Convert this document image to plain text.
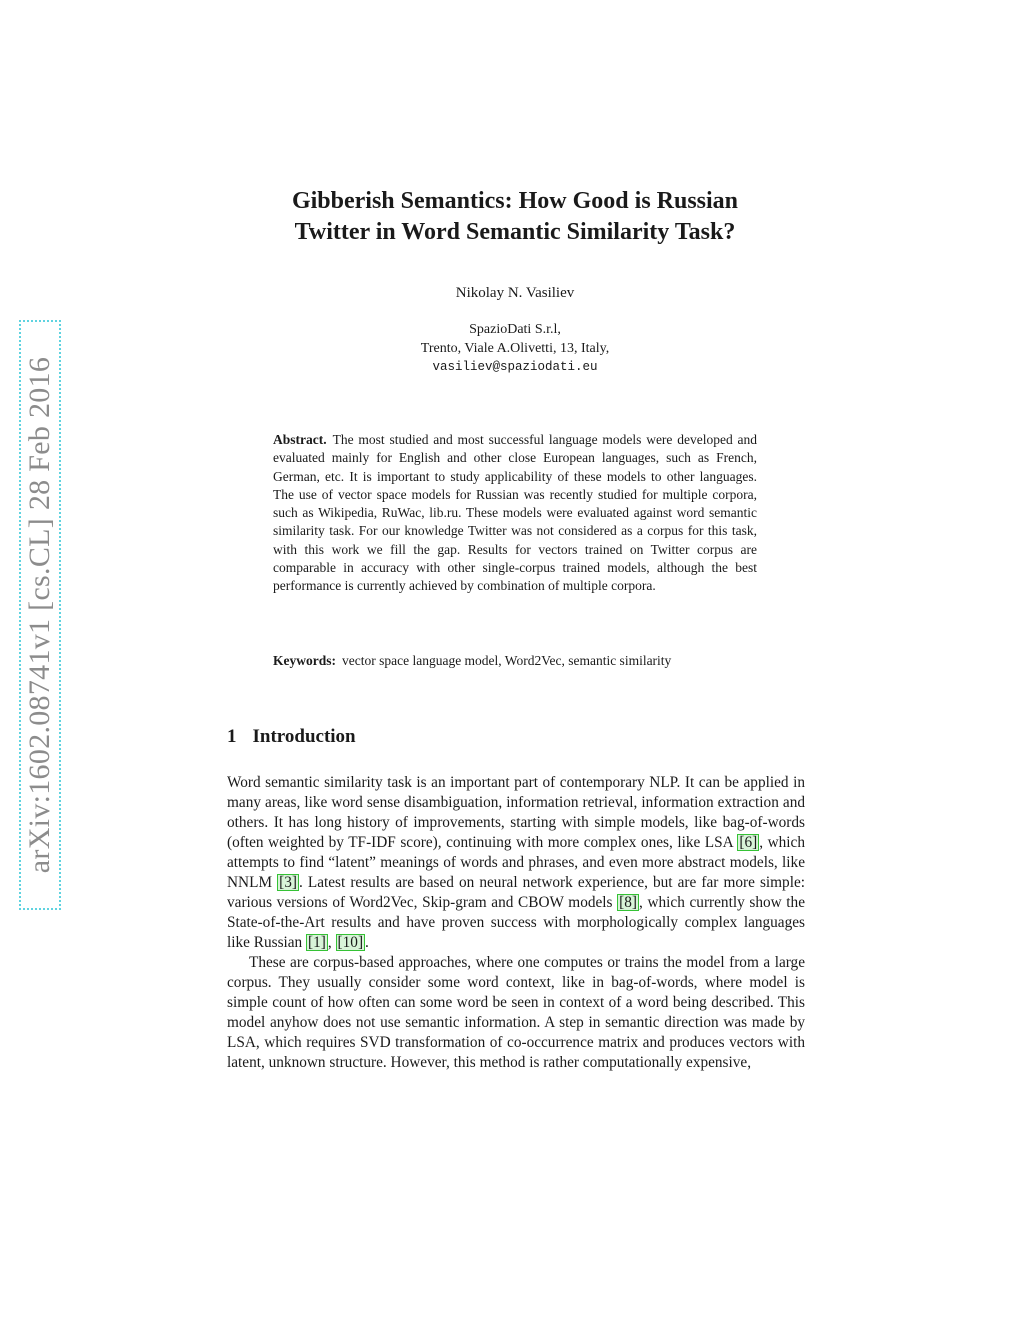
arXiv:1602.08741v1 [cs.CL] 28 Feb 2016
Gibberish Semantics: How Good is Russian
Twitter in Word Semantic Similarity Task?
Nikolay N. Vasiliev
SpazioDati S.r.l,
Trento, Viale A.Olivetti, 13, Italy,
vasiliev@spaziodati.eu

Abstract. The most studied and most successful language models were developed and evaluated mainly for English and other close European languages, such as French, German, etc. It is important to study applicability of these models to other languages. The use of vector space models for Russian was recently studied for multiple corpora, such as Wikipedia, RuWac, lib.ru. These models were evaluated against word semantic similarity task. For our knowledge Twitter was not considered as a corpus for this task, with this work we fill the gap. Results for vectors trained on Twitter corpus are comparable in accuracy with other single-corpus trained models, although the best performance is currently achieved by combination of multiple corpora.

Keywords: vector space language model, Word2Vec, semantic similarity

1 Introduction

Word semantic similarity task is an important part of contemporary NLP. It can be applied in many areas, like word sense disambiguation, information retrieval, information extraction and others. It has long history of improvements, starting with simple models, like bag-of-words (often weighted by TF-IDF score), continuing with more complex ones, like LSA [6] , which attempts to find “latent” meanings of words and phrases, and even more abstract models, like NNLM [3] . Latest results are based on neural network experience, but are far more simple: various versions of Word2Vec, Skip-gram and CBOW models [8] , which currently show the State-of-the-Art results and have proven success with morphologically complex languages like Russian [1] , [10] .

These are corpus-based approaches, where one computes or trains the model from a large corpus. They usually consider some word context, like in bag-of-words, where model is simple count of how often can some word be seen in context of a word being described. This model anyhow does not use semantic information. A step in semantic direction was made by LSA, which requires SVD transformation of co-occurrence matrix and produces vectors with latent, unknown structure. However, this method is rather computationally expensive,
